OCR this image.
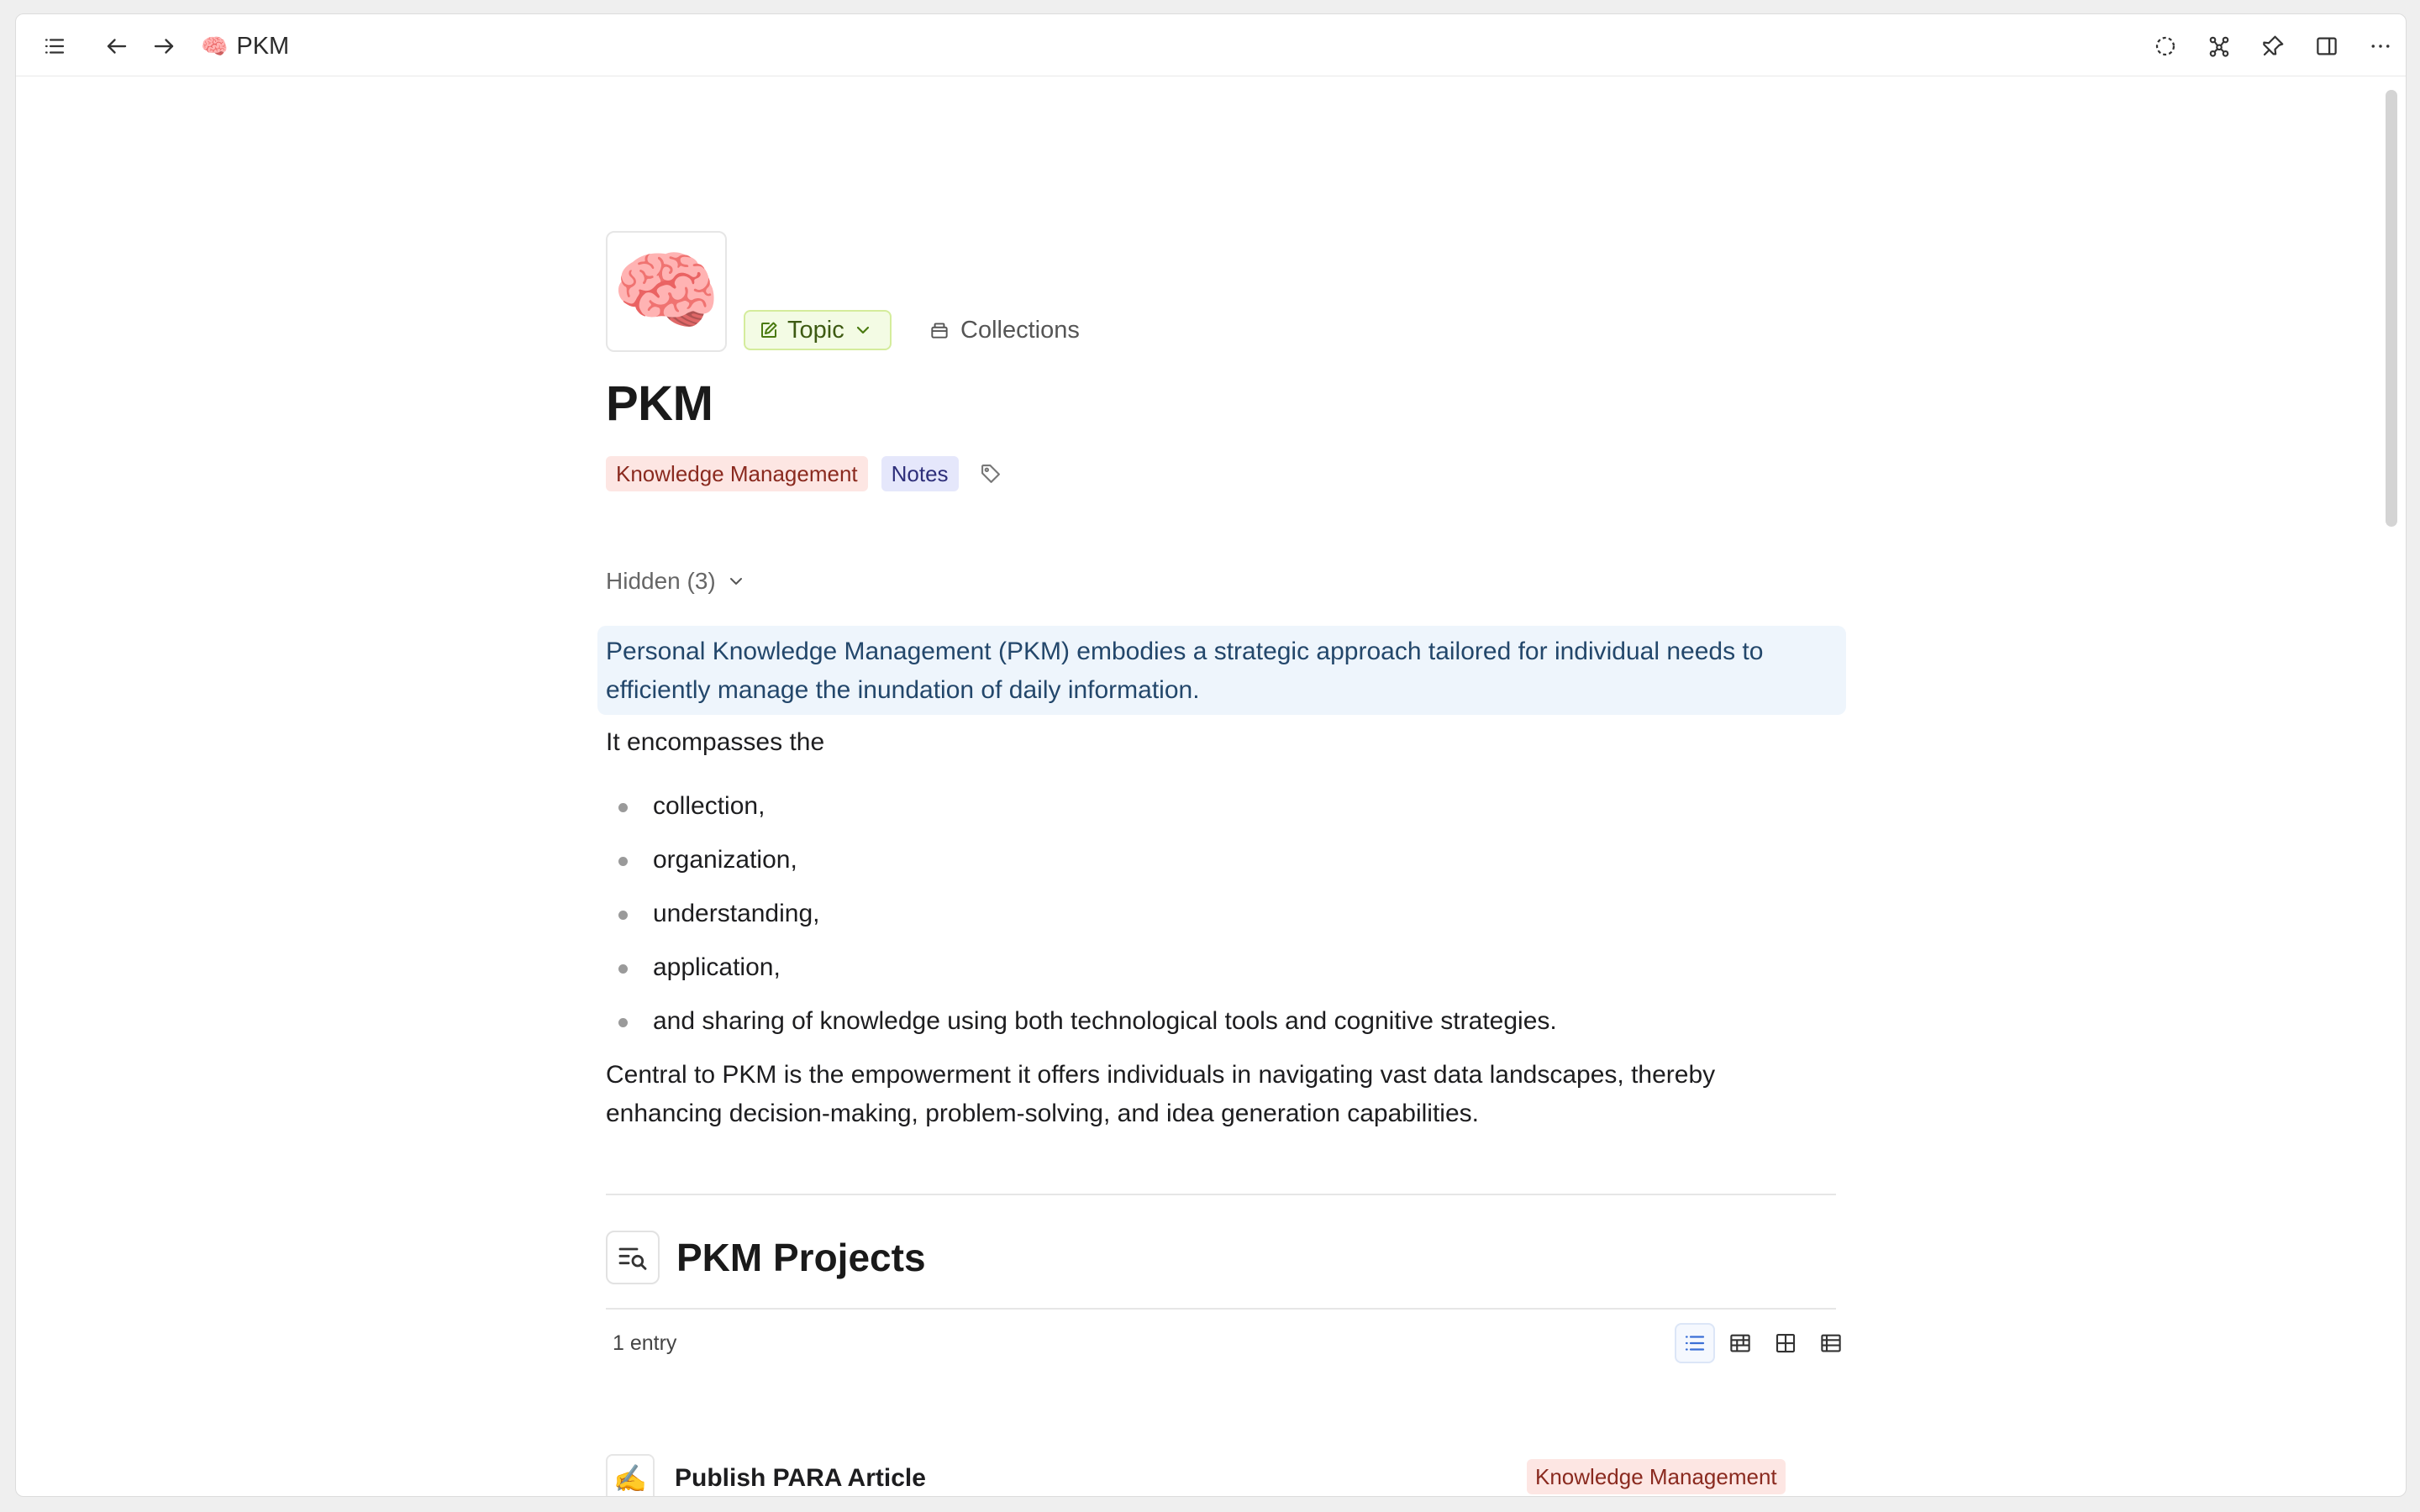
🧠 PKM
🧠	Topic	Collections
PKM
Knowledge Management	Notes
Hidden (3)
Personal Knowledge Management (PKM) embodies a strategic approach tailored for individual needs to efficiently manage the inundation of daily information.

It encompasses the

collection,
organization,
understanding,
application,
and sharing of knowledge using both technological tools and cognitive strategies.

Central to PKM is the empowerment it offers individuals in navigating vast data landscapes, thereby enhancing decision-making, problem-solving, and idea generation capabilities.

PKM Projects
1 entry
✍️	Publish PARA Article	Knowledge Management
